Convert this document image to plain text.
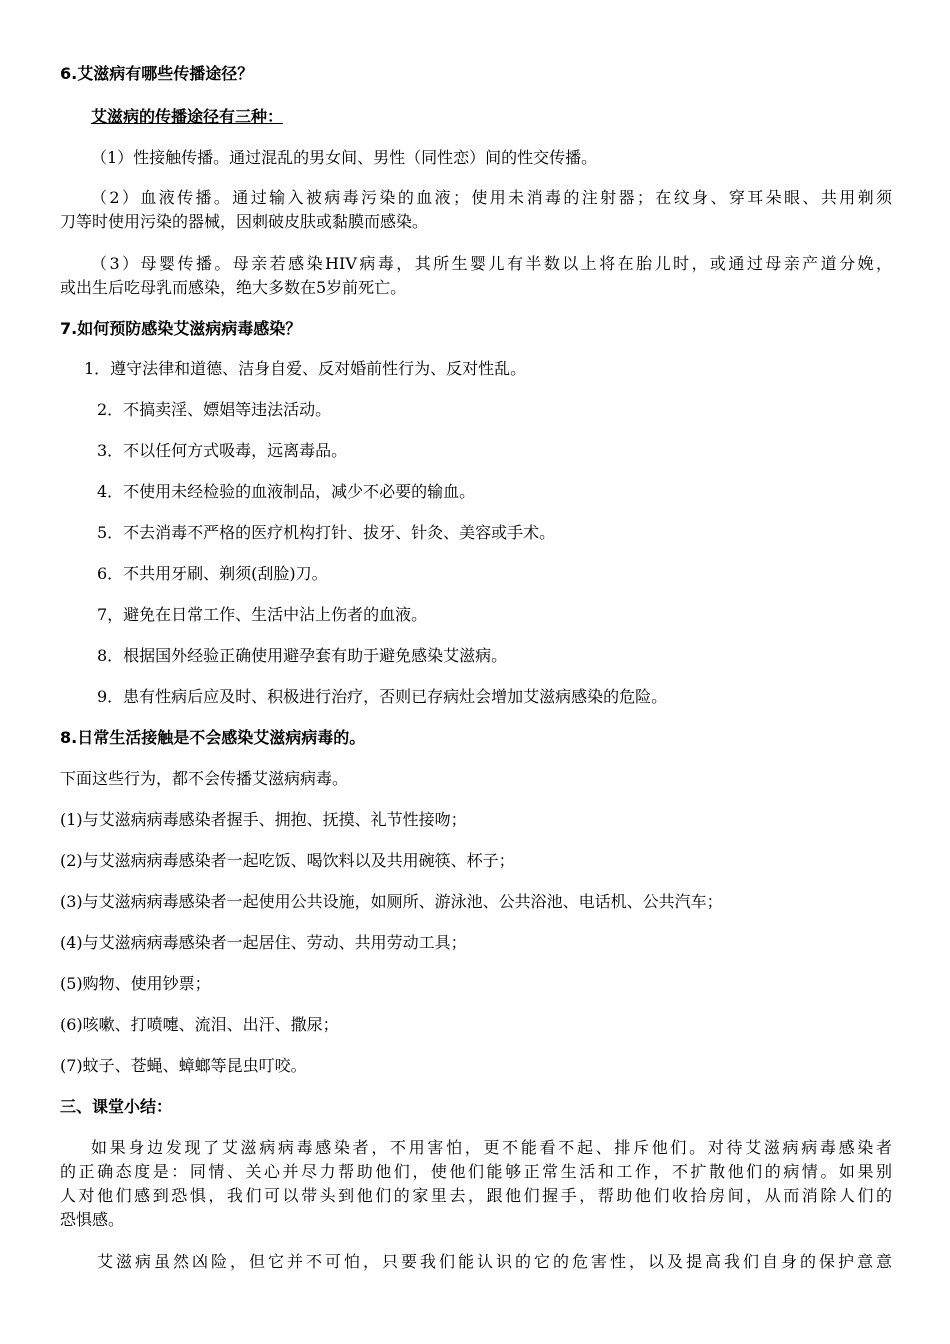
6.艾滋病有哪些传播途径？
艾滋病的传播途径有三种：
（1）性接触传播。通过混乱的男女间、男性（同性恋）间的性交传播。
（2）血液传播。通过输入被病毒污染的血液；使用未消毒的注射器；在纹身、穿耳朵眼、共用剃须
刀等时使用污染的器械，因刺破皮肤或黏膜而感染。
（3）母婴传播。母亲若感染HIV病毒，其所生婴儿有半数以上将在胎儿时，或通过母亲产道分娩，
或出生后吃母乳而感染，绝大多数在5岁前死亡。
7.如何预防感染艾滋病病毒感染？
1．遵守法律和道德、洁身自爱、反对婚前性行为、反对性乱。
2．不搞卖淫、嫖娼等违法活动。
3．不以任何方式吸毒，远离毒品。
4．不使用未经检验的血液制品，减少不必要的输血。
5．不去消毒不严格的医疗机构打针、拔牙、针灸、美容或手术。
6．不共用牙刷、剃须(刮脸)刀。
7，避免在日常工作、生活中沾上伤者的血液。
8．根据国外经验正确使用避孕套有助于避免感染艾滋病。
9．患有性病后应及时、积极进行治疗，否则已存病灶会增加艾滋病感染的危险。
8.日常生活接触是不会感染艾滋病病毒的。
下面这些行为，都不会传播艾滋病病毒。
(1)与艾滋病病毒感染者握手、拥抱、抚摸、礼节性接吻；
(2)与艾滋病病毒感染者一起吃饭、喝饮料以及共用碗筷、杯子；
(3)与艾滋病病毒感染者一起使用公共设施，如厕所、游泳池、公共浴池、电话机、公共汽车；
(4)与艾滋病病毒感染者一起居住、劳动、共用劳动工具；
(5)购物、使用钞票；
(6)咳嗽、打喷嚏、流泪、出汗、撒尿；
(7)蚊子、苍蝇、蟑螂等昆虫叮咬。
三、课堂小结：
如果身边发现了艾滋病病毒感染者，不用害怕，更不能看不起、排斥他们。对待艾滋病病毒感染者
的正确态度是：同情、关心并尽力帮助他们，使他们能够正常生活和工作，不扩散他们的病情。如果别
人对他们感到恐惧，我们可以带头到他们的家里去，跟他们握手，帮助他们收拾房间，从而消除人们的
恐惧感。
艾滋病虽然凶险，但它并不可怕，只要我们能认识的它的危害性，以及提高我们自身的保护意意
